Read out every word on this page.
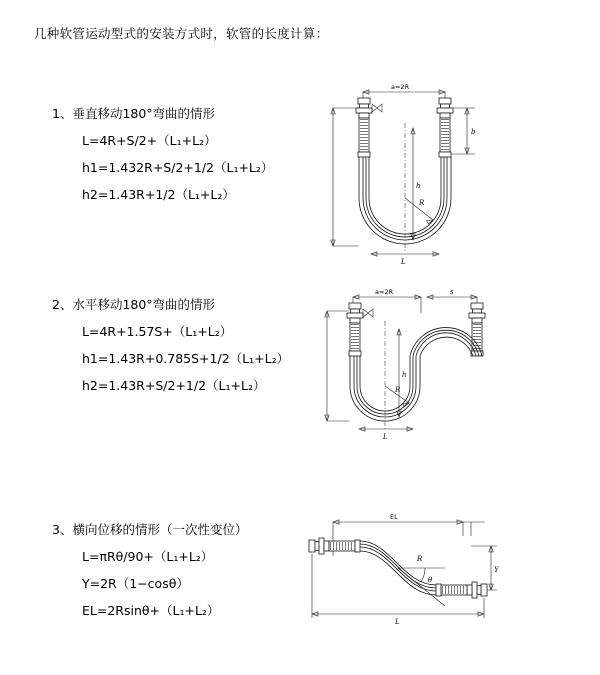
几种软管运动型式的安装方式时，软管的长度计算：
1、垂直移动180°弯曲的情形
L=4R+S/2+（L₁+L₂）
h1=1.432R+S/2+1/2（L₁+L₂）
h2=1.43R+1/2（L₁+L₂）
a=2R
b
h
R
L
2、水平移动180°弯曲的情形
L=4R+1.57S+（L₁+L₂）
h1=1.43R+0.785S+1/2（L₁+L₂）
h2=1.43R+S/2+1/2（L₁+L₂）
a=2R	s
h
R
L
3、横向位移的情形（一次性变位）
L=πRθ/90+（L₁+L₂）
Y=2R（1−cosθ）
EL=2Rsinθ+（L₁+L₂）
EL
Y
θ
R
L
